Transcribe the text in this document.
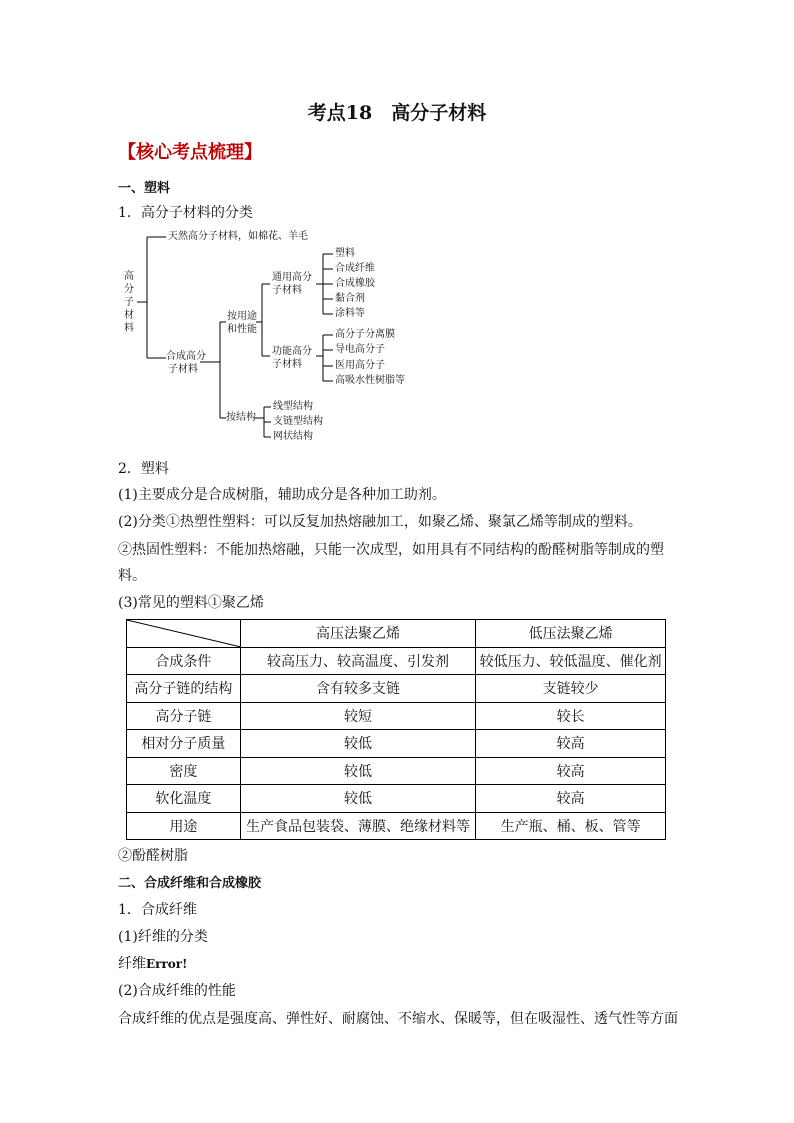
考点18　高分子材料
【核心考点梳理】
一、塑料
1．高分子材料的分类
高
分
子
材
料
天然高分子材料，如棉花、羊毛
合成高分
子材料
按用途
和性能
按结构
通用高分
子材料
功能高分
子材料
塑料
合成纤维
合成橡胶
黏合剂
涂料等
高分子分离膜
导电高分子
医用高分子
高吸水性树脂等
线型结构
支链型结构
网状结构
2．塑料
(1)主要成分是合成树脂，辅助成分是各种加工助剂。
(2)分类①热塑性塑料：可以反复加热熔融加工，如聚乙烯、聚氯乙烯等制成的塑料。
②热固性塑料：不能加热熔融，只能一次成型，如用具有不同结构的酚醛树脂等制成的塑
料。
(3)常见的塑料①聚乙烯
	高压法聚乙烯	低压法聚乙烯
合成条件	较高压力、较高温度、引发剂	较低压力、较低温度、催化剂
高分子链的结构	含有较多支链	支链较少
高分子链	较短	较长
相对分子质量	较低	较高
密度	较低	较高
软化温度	较低	较高
用途	生产食品包装袋、薄膜、绝缘材料等	生产瓶、桶、板、管等
②酚醛树脂
二、合成纤维和合成橡胶
1．合成纤维
(1)纤维的分类
纤维Error!
(2)合成纤维的性能
合成纤维的优点是强度高、弹性好、耐腐蚀、不缩水、保暖等，但在吸湿性、透气性等方面
